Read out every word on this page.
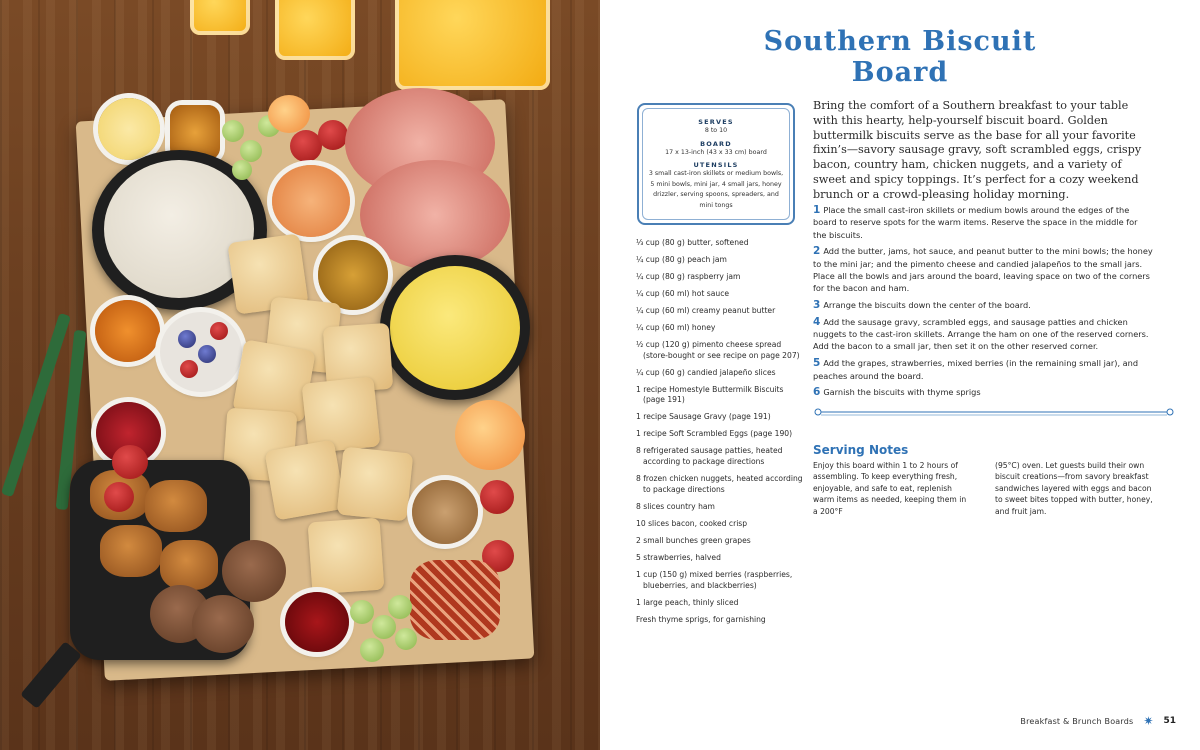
Southern Biscuit Board
SERVES
8 to 10
BOARD
17 x 13-inch (43 x 33 cm) board
UTENSILS
3 small cast-iron skillets or medium bowls, 5 mini bowls, mini jar, 4 small jars, honey drizzler, serving spoons, spreaders, and mini tongs
⅓ cup (80 g) butter, softened
¼ cup (80 g) peach jam
¼ cup (80 g) raspberry jam
¼ cup (60 ml) hot sauce
¼ cup (60 ml) creamy peanut butter
¼ cup (60 ml) honey
½ cup (120 g) pimento cheese spread (store-bought or see recipe on page 207)
¼ cup (60 g) candied jalapeño slices
1 recipe Homestyle Buttermilk Biscuits (page 191)
1 recipe Sausage Gravy (page 191)
1 recipe Soft Scrambled Eggs (page 190)
8 refrigerated sausage patties, heated according to package directions
8 frozen chicken nuggets, heated according to package directions
8 slices country ham
10 slices bacon, cooked crisp
2 small bunches green grapes
5 strawberries, halved
1 cup (150 g) mixed berries (raspberries, blueberries, and blackberries)
1 large peach, thinly sliced
Fresh thyme sprigs, for garnishing

Bring the comfort of a Southern breakfast to your table with this hearty, help-yourself biscuit board. Golden buttermilk biscuits serve as the base for all your favorite fixin’s—savory sausage gravy, soft scrambled eggs, crispy bacon, country ham, chicken nuggets, and a variety of sweet and spicy toppings. It’s perfect for a cozy weekend brunch or a crowd-pleasing holiday morning.

1 Place the small cast-iron skillets or medium bowls around the edges of the board to reserve spots for the warm items. Reserve the space in the middle for the biscuits.
2 Add the butter, jams, hot sauce, and peanut butter to the mini bowls; the honey to the mini jar; and the pimento cheese and candied jalapeños to the small jars. Place all the bowls and jars around the board, leaving space on two of the corners for the bacon and ham.
3 Arrange the biscuits down the center of the board.
4 Add the sausage gravy, scrambled eggs, and sausage patties and chicken nuggets to the cast-iron skillets. Arrange the ham on one of the reserved corners. Add the bacon to a small jar, then set it on the other reserved corner.
5 Add the grapes, strawberries, mixed berries (in the remaining small jar), and peaches around the board.
6 Garnish the biscuits with thyme sprigs
Serving Notes

Enjoy this board within 1 to 2 hours of assembling. To keep everything fresh, enjoyable, and safe to eat, replenish warm items as needed, keeping them in a 200°F

(95°C) oven. Let guests build their own biscuit creations—from savory breakfast sandwiches layered with eggs and bacon to sweet bites topped with butter, honey, and fruit jam.

Breakfast & Brunch Boards ✷ 51
